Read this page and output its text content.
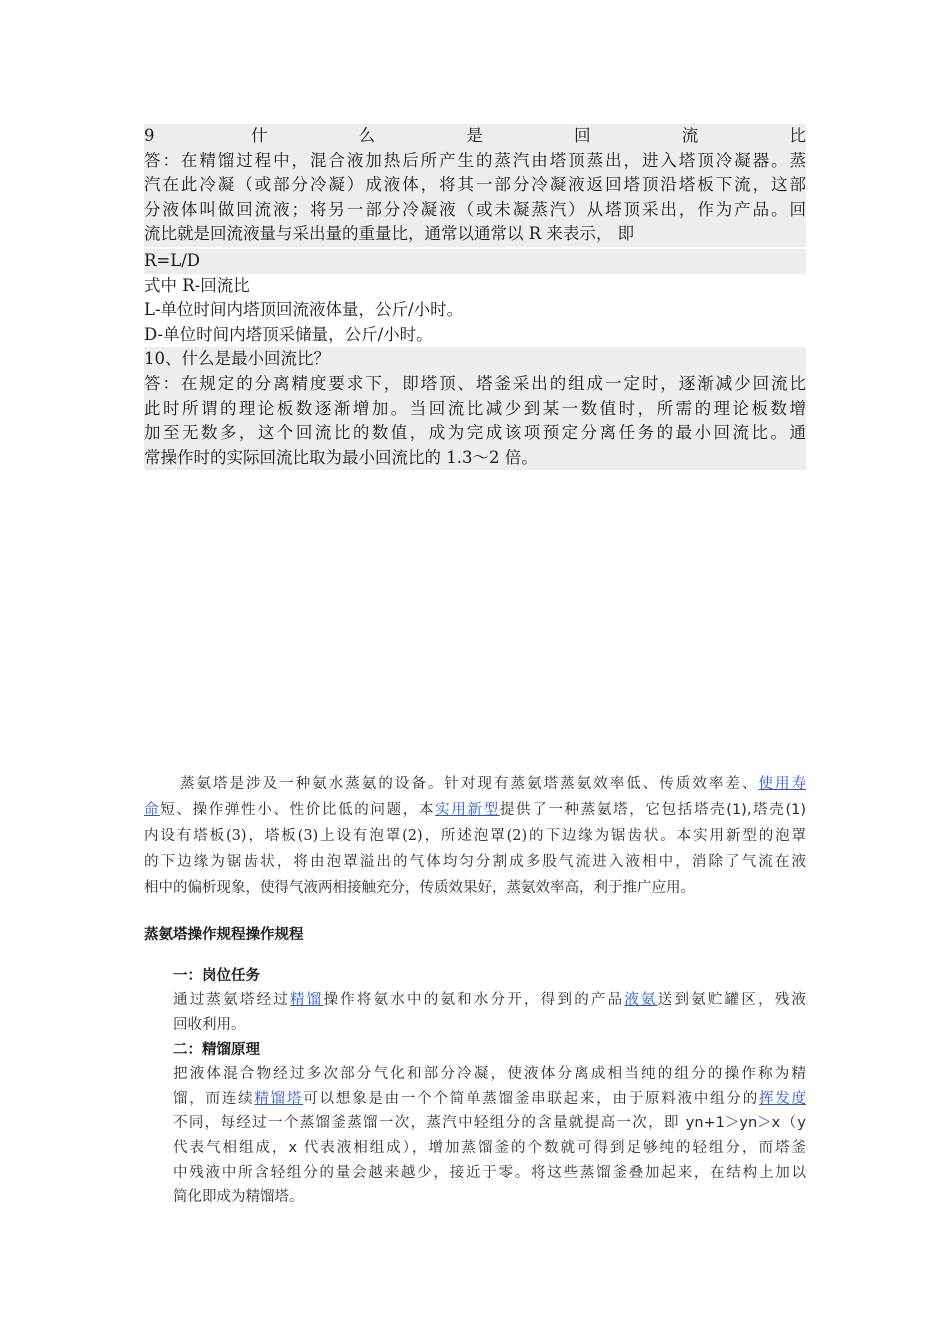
9 什么是回流比
答：在精馏过程中，混合液加热后所产生的蒸汽由塔顶蒸出，进入塔顶冷凝器。蒸
汽在此冷凝（或部分冷凝）成液体，将其一部分冷凝液返回塔顶沿塔板下流，这部
分液体叫做回流液；将另一部分冷凝液（或未凝蒸汽）从塔顶采出，作为产品。回
流比就是回流液量与采出量的重量比，通常以通常以 R 来表示， 即
R=L/D
式中 R-回流比
L-单位时间内塔顶回流液体量，公斤/小时。
D-单位时间内塔顶采储量，公斤/小时。
10、什么是最小回流比？
答：在规定的分离精度要求下，即塔顶、塔釜采出的组成一定时，逐渐减少回流比
此时所谓的理论板数逐渐增加。当回流比减少到某一数值时，所需的理论板数增
加至无数多，这个回流比的数值，成为完成该项预定分离任务的最小回流比。通
常操作时的实际回流比取为最小回流比的 1.3～2 倍。
蒸氨塔是涉及一种氨水蒸氨的设备。针对现有蒸氨塔蒸氨效率低、传质效率差、使用寿
命短、操作弹性小、性价比低的问题，本实用新型提供了一种蒸氨塔，它包括塔壳(1),塔壳(1)
内设有塔板(3)，塔板(3)上设有泡罩(2)，所述泡罩(2)的下边缘为锯齿状。本实用新型的泡罩
的下边缘为锯齿状，将由泡罩溢出的气体均匀分割成多股气流进入液相中，消除了气流在液
相中的偏析现象，使得气液两相接触充分，传质效果好，蒸氨效率高，利于推广应用。
蒸氨塔操作规程操作规程
一：岗位任务
通过蒸氨塔经过精馏操作将氨水中的氨和水分开，得到的产品液氨送到氨贮罐区，残液
回收利用。
二：精馏原理
把液体混合物经过多次部分气化和部分冷凝，使液体分离成相当纯的组分的操作称为精
馏，而连续精馏塔可以想象是由一个个简单蒸馏釜串联起来，由于原料液中组分的挥发度
不同，每经过一个蒸馏釜蒸馏一次，蒸汽中轻组分的含量就提高一次，即 yn+1＞yn＞x（y
代表气相组成，x 代表液相组成），增加蒸馏釜的个数就可得到足够纯的轻组分，而塔釜
中残液中所含轻组分的量会越来越少，接近于零。将这些蒸馏釜叠加起来，在结构上加以
简化即成为精馏塔。
